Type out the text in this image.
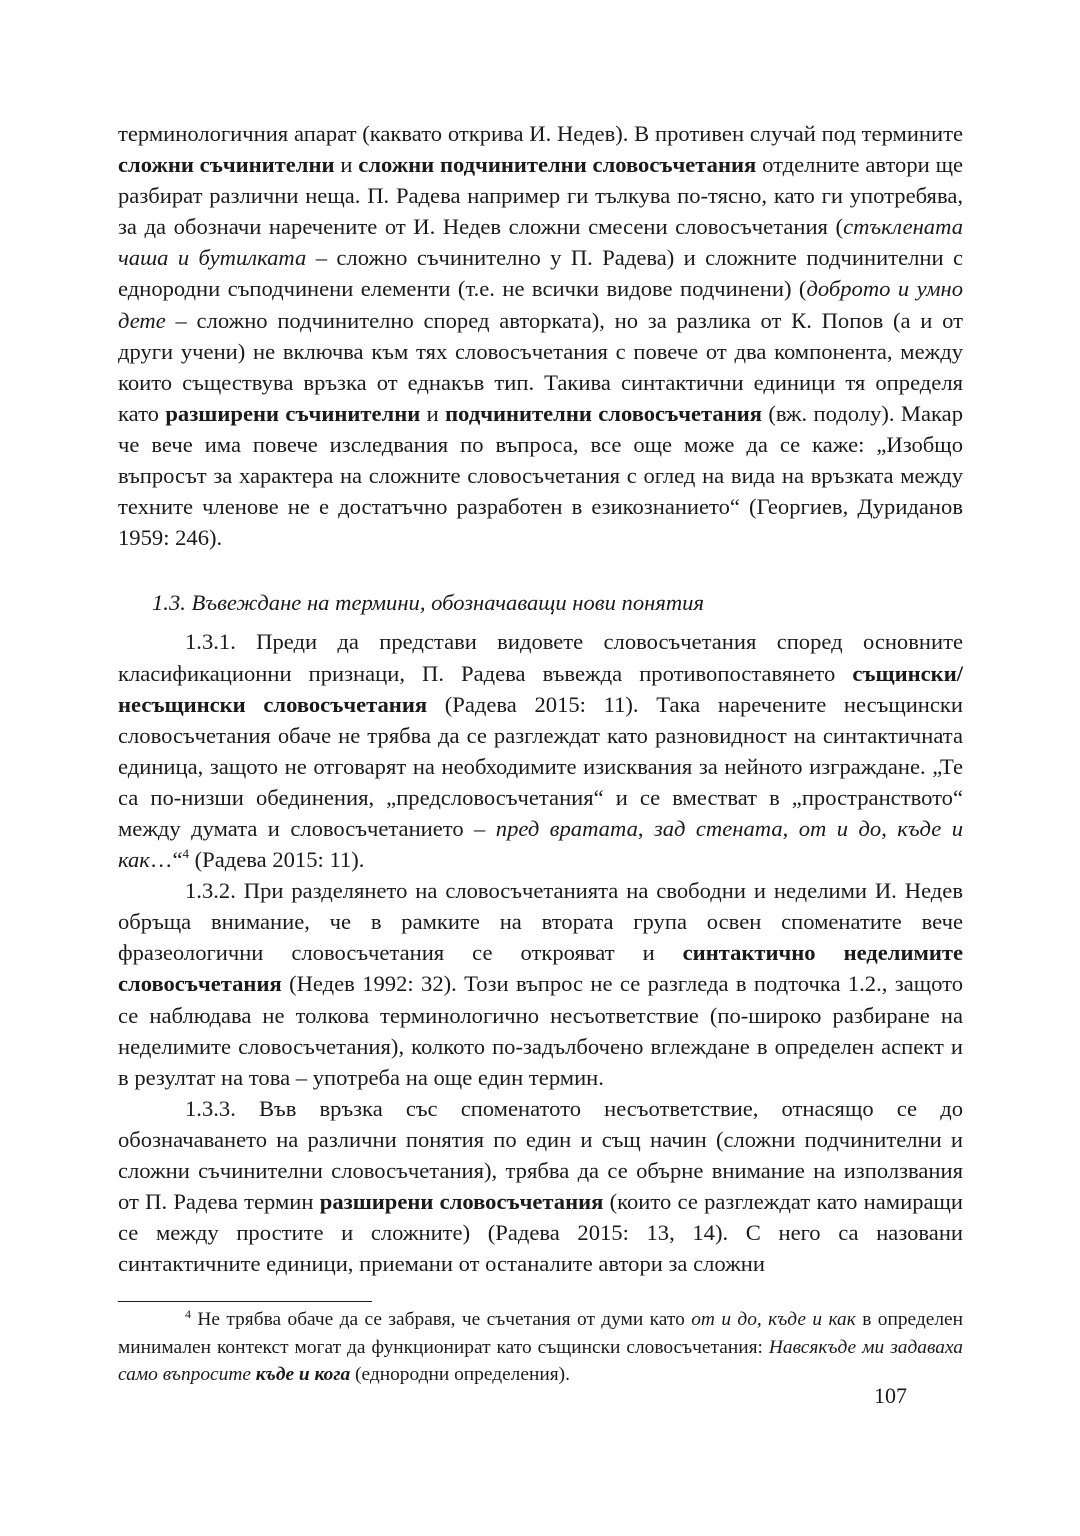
терминологичния апарат (каквато открива И. Недев). В противен случай под термините сложни съчинителни и сложни подчинителни словосъчетания отделните автори ще разбират различни неща. П. Радева например ги тълкува по-тясно, като ги употребява, за да обозначи наречените от И. Недев сложни смесени словосъчетания (стъклената чаша и бутилката – сложно съчинително у П. Радева) и сложните подчинителни с еднородни съподчинени елементи (т.е. не всички видове подчинени) (доброто и умно дете – сложно подчинително според авторката), но за разлика от К. Попов (а и от други учени) не включва към тях словосъчетания с повече от два компонента, между които съществува връзка от еднакъв тип. Такива синтактични единици тя определя като разширени съчинителни и подчинителни словосъчетания (вж. подолу). Макар че вече има повече изследвания по въпроса, все още може да се каже: „Изобщо въпросът за характера на сложните словосъчетания с оглед на вида на връзката между техните членове не е достатъчно разработен в езикознанието“ (Георгиев, Дуриданов 1959: 246).

1.3. Въвеждане на термини, обозначаващи нови понятия

1.3.1. Преди да представи видовете словосъчетания според основните класификационни признаци, П. Радева въвежда противопоставянето същински/несъщински словосъчетания (Радева 2015: 11). Така наречените несъщински словосъчетания обаче не трябва да се разглеждат като разновидност на синтактичната единица, защото не отговарят на необходимите изисквания за нейното изграждане. „Те са по-низши обединения, „предсловосъчетания“ и се вместват в „пространството“ между думата и словосъчетанието – пред вратата, зад стената, от и до, къде и как…“$^4$ (Радева 2015: 11).

1.3.2. При разделянето на словосъчетанията на свободни и неделими И. Недев обръща внимание, че в рамките на втората група освен споменатите вече фразеологични словосъчетания се открояват и синтактично неделимите словосъчетания (Недев 1992: 32). Този въпрос не се разгледа в подточка 1.2., защото се наблюдава не толкова терминологично несъответствие (по-широко разбиране на неделимите словосъчетания), колкото по-задълбочено вглеждане в определен аспект и в резултат на това – употреба на още един термин.

1.3.3. Във връзка със споменатото несъответствие, отнасящо се до обозначаването на различни понятия по един и същ начин (сложни подчинителни и сложни съчинителни словосъчетания), трябва да се обърне внимание на използвания от П. Радева термин разширени словосъчетания (които се разглеждат като намиращи се между простите и сложните) (Радева 2015: 13, 14). С него са назовани синтактичните единици, приемани от останалите автори за сложни

$^4$ Не трябва обаче да се забравя, че съчетания от думи като от и до, къде и как в определен минимален контекст могат да функционират като същински словосъчетания: Навсякъде ми задаваха само въпросите къде и кога (еднородни определения).

107
